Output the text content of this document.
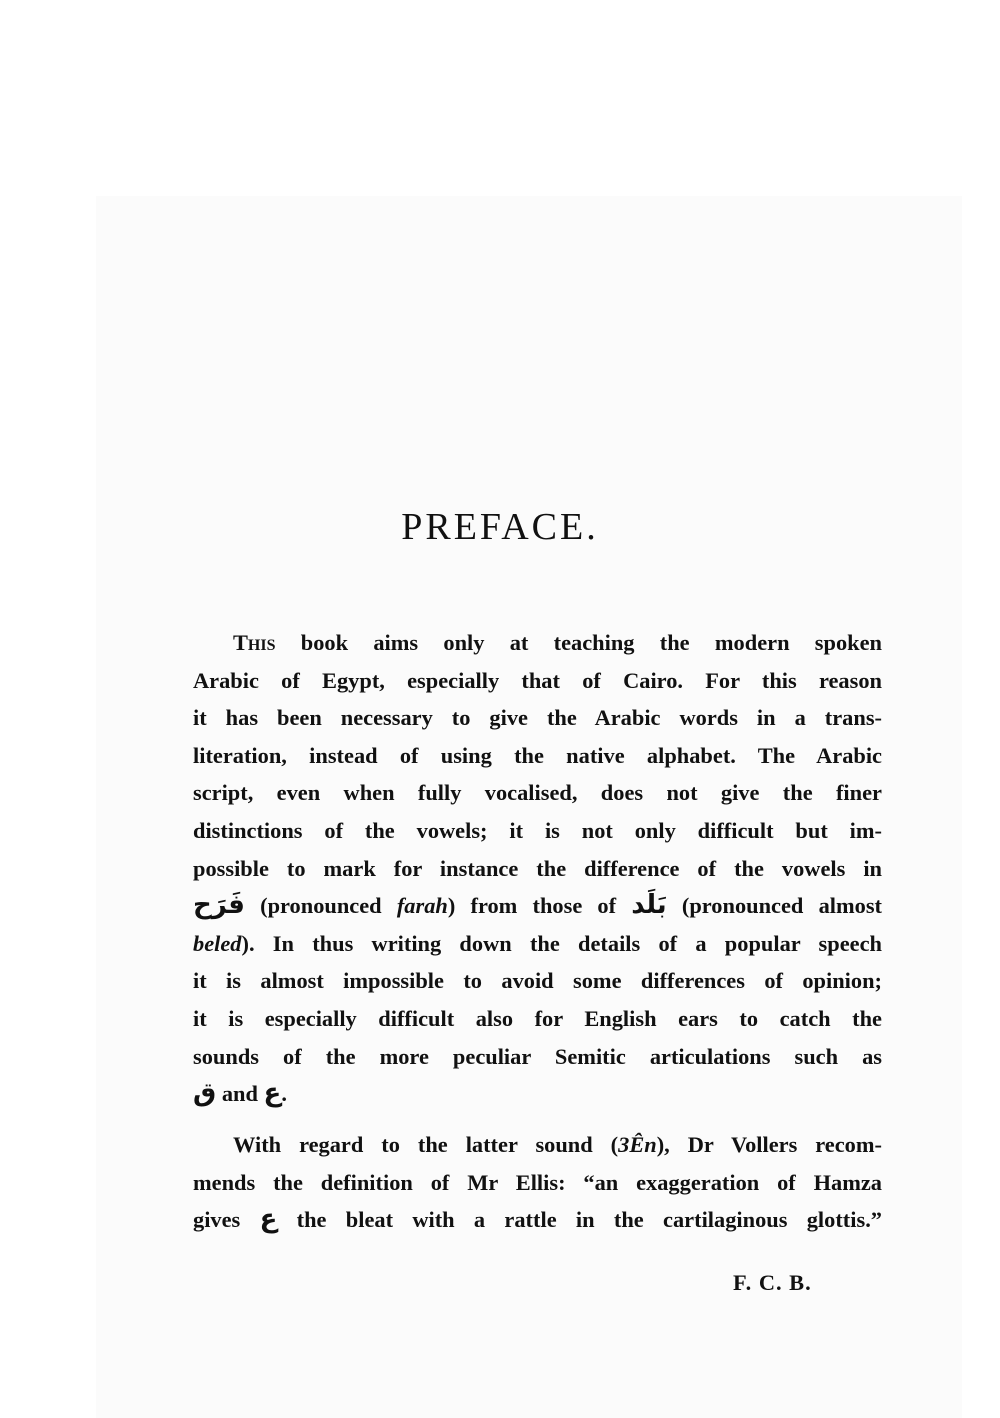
PREFACE.
This book aims only at teaching the modern spoken
Arabic of Egypt, especially that of Cairo. For this reason
it has been necessary to give the Arabic words in a trans-
literation, instead of using the native alphabet. The Arabic
script, even when fully vocalised, does not give the finer
distinctions of the vowels; it is not only difficult but im-
possible to mark for instance the difference of the vowels in
فَرَح (pronounced farah) from those of بَلَد (pronounced almost
beled). In thus writing down the details of a popular speech
it is almost impossible to avoid some differences of opinion;
it is especially difficult also for English ears to catch the
sounds of the more peculiar Semitic articulations such as
ق and ع.
With regard to the latter sound (3Ên), Dr Vollers recom-
mends the definition of Mr Ellis: “an exaggeration of Hamza
gives ع the bleat with a rattle in the cartilaginous glottis.”
F. C. B.
